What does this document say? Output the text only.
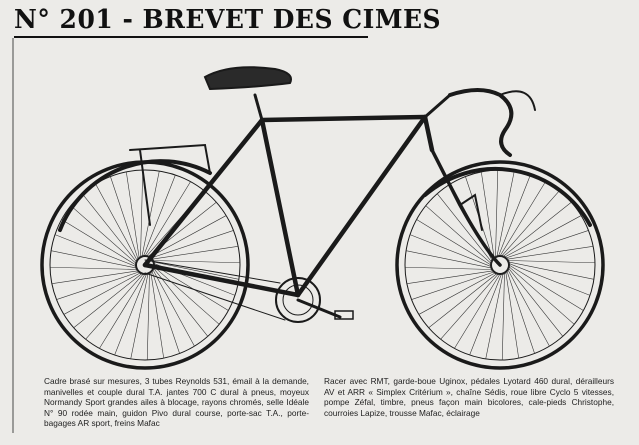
N° 201 - BREVET DES CIMES
Cadre brasé sur mesures, 3 tubes Reynolds 531, émail à la demande, manivelles et couple dural T.A. jantes 700 C dural à pneus, moyeux Normandy Sport grandes ailes à blocage, rayons chromés, selle Idéale N° 90 rodée main, guidon Pivo dural course, porte-sac T.A., porte-bagages AR sport, freins Mafac
Racer avec RMT, garde-boue Uginox, pédales Lyotard 460 dural, dérailleurs AV et ARR « Simplex Critérium », chaîne Sédis, roue libre Cyclo 5 vitesses, pompe Zéfal, timbre, pneus façon main bicolores, cale-pieds Christophe, courroies Lapize, trousse Mafac, éclairage
